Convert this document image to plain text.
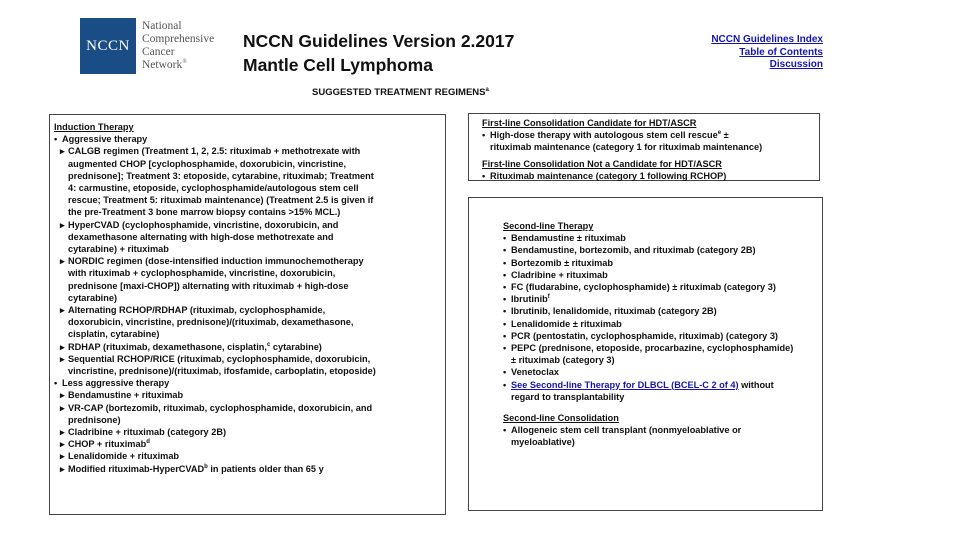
NCCN
National
Comprehensive
Cancer
Network®
NCCN Guidelines Version 2.2017
Mantle Cell Lymphoma
NCCN Guidelines Index
Table of Contents
Discussion
SUGGESTED TREATMENT REGIMENS$^a$
Induction Therapy
• Aggressive therapy
▸ CALGB regimen (Treatment 1, 2, 2.5: rituximab + methotrexate with
augmented CHOP [cyclophosphamide, doxorubicin, vincristine,
prednisone]; Treatment 3: etoposide, cytarabine, rituximab; Treatment
4: carmustine, etoposide, cyclophosphamide/autologous stem cell
rescue; Treatment 5: rituximab maintenance) (Treatment 2.5 is given if
the pre-Treatment 3 bone marrow biopsy contains >15% MCL.)
▸ HyperCVAD (cyclophosphamide, vincristine, doxorubicin, and
dexamethasone alternating with high-dose methotrexate and
cytarabine) + rituximab
▸ NORDIC regimen (dose-intensified induction immunochemotherapy
with rituximab + cyclophosphamide, vincristine, doxorubicin,
prednisone [maxi-CHOP]) alternating with rituximab + high-dose
cytarabine)
▸ Alternating RCHOP/RDHAP (rituximab, cyclophosphamide,
doxorubicin, vincristine, prednisone)/(rituximab, dexamethasone,
cisplatin, cytarabine)
▸ RDHAP (rituximab, dexamethasone, cisplatin,$^c$ cytarabine)
▸ Sequential RCHOP/RICE (rituximab, cyclophosphamide, doxorubicin,
vincristine, prednisone)/(rituximab, ifosfamide, carboplatin, etoposide)
• Less aggressive therapy
▸ Bendamustine + rituximab
▸ VR-CAP (bortezomib, rituximab, cyclophosphamide, doxorubicin, and
prednisone)
▸ Cladribine + rituximab (category 2B)
▸ CHOP + rituximab$^d$
▸ Lenalidomide + rituximab
▸ Modified rituximab-HyperCVAD$^b$ in patients older than 65 y
First-line Consolidation Candidate for HDT/ASCR
• High-dose therapy with autologous stem cell rescue$^e$ ±
rituximab maintenance (category 1 for rituximab maintenance)
First-line Consolidation Not a Candidate for HDT/ASCR
• Rituximab maintenance (category 1 following RCHOP)
Second-line Therapy
• Bendamustine ± rituximab
• Bendamustine, bortezomib, and rituximab (category 2B)
• Bortezomib ± rituximab
• Cladribine + rituximab
• FC (fludarabine, cyclophosphamide) ± rituximab (category 3)
• Ibrutinib$^f$
• Ibrutinib, lenalidomide, rituximab (category 2B)
• Lenalidomide ± rituximab
• PCR (pentostatin, cyclophosphamide, rituximab) (category 3)
• PEPC (prednisone, etoposide, procarbazine, cyclophosphamide)
± rituximab (category 3)
• Venetoclax
• See Second-line Therapy for DLBCL (BCEL-C 2 of 4) without
regard to transplantability
Second-line Consolidation
• Allogeneic stem cell transplant (nonmyeloablative or
myeloablative)
